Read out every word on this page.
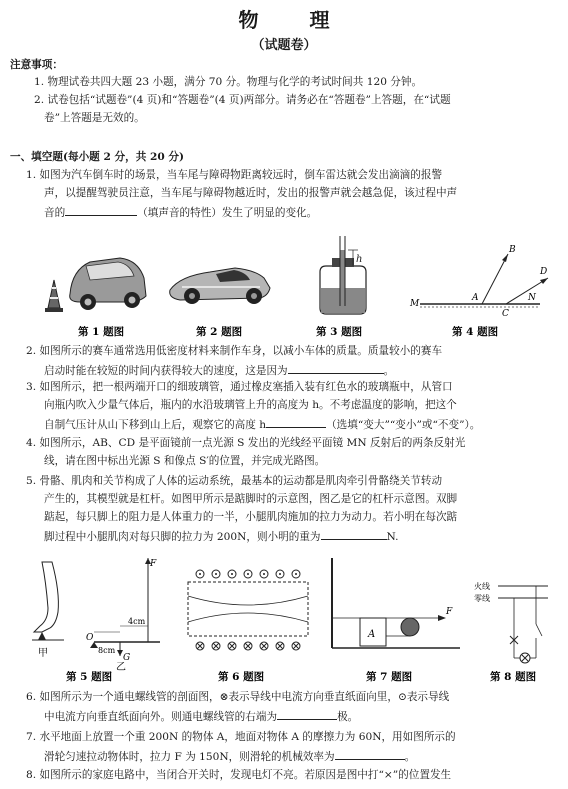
物 理
（试题卷）
注意事项：
1. 物理试卷共四大题 23 小题，满分 70 分。物理与化学的考试时间共 120 分钟。
2. 试卷包括“试题卷”(4 页)和“答题卷”(4 页)两部分。请务必在“答题卷”上答题，在“试题
卷”上答题是无效的。
一、填空题(每小题 2 分，共 20 分)
1. 如图为汽车倒车时的场景，当车尾与障碍物距离较远时，倒车雷达就会发出滴滴的报警
声，以提醒驾驶员注意，当车尾与障碍物越近时，发出的报警声就会越急促，该过程中声
音的	（填声音的特性）发生了明显的变化。
h
B
D
A
C
M
N
第 1 题图	第 2 题图	第 3 题图	第 4 题图
2. 如图所示的赛车通常选用低密度材料来制作车身，以减小车体的质量。质量较小的赛车
启动时能在较短的时间内获得较大的速度，这是因为	。
3. 如图所示，把一根两端开口的细玻璃管，通过橡皮塞插入装有红色水的玻璃瓶中，从管口
向瓶内吹入少量气体后，瓶内的水沿玻璃管上升的高度为 h。不考虑温度的影响，把这个
自制气压计从山下移到山上后，观察它的高度 h	（选填“变大”“变小”或“不变”）。
4. 如图所示，AB、CD 是平面镜前一点光源 S 发出的光线经平面镜 MN 反射后的两条反射光
线，请在图中标出光源 S 和像点 S′的位置，并完成光路图。
5. 骨骼、肌肉和关节构成了人体的运动系统，最基本的运动都是肌肉牵引骨骼绕关节转动
产生的，其模型就是杠杆。如图甲所示是踮脚时的示意图，图乙是它的杠杆示意图。双脚
踮起，每只脚上的阻力是人体重力的一半，小腿肌肉施加的拉力为动力。若小明在每次踮
脚过程中小腿肌肉对每只脚的拉力为 200N，则小明的重为	N.
甲
F
O
G
8cm
4cm
乙
A
F
火线
零线
第 5 题图	第 6 题图	第 7 题图	第 8 题图
6. 如图所示为一个通电螺线管的剖面图，⊗表示导线中电流方向垂直纸面向里，⊙表示导线
中电流方向垂直纸面向外。则通电螺线管的右端为	极。
7. 水平地面上放置一个重 200N 的物体 A，地面对物体 A 的摩擦力为 60N，用如图所示的
滑轮匀速拉动物体时，拉力 F 为 150N，则滑轮的机械效率为	。
8. 如图所示的家庭电路中，当闭合开关时，发现电灯不亮。若原因是图中打“×”的位置发生
